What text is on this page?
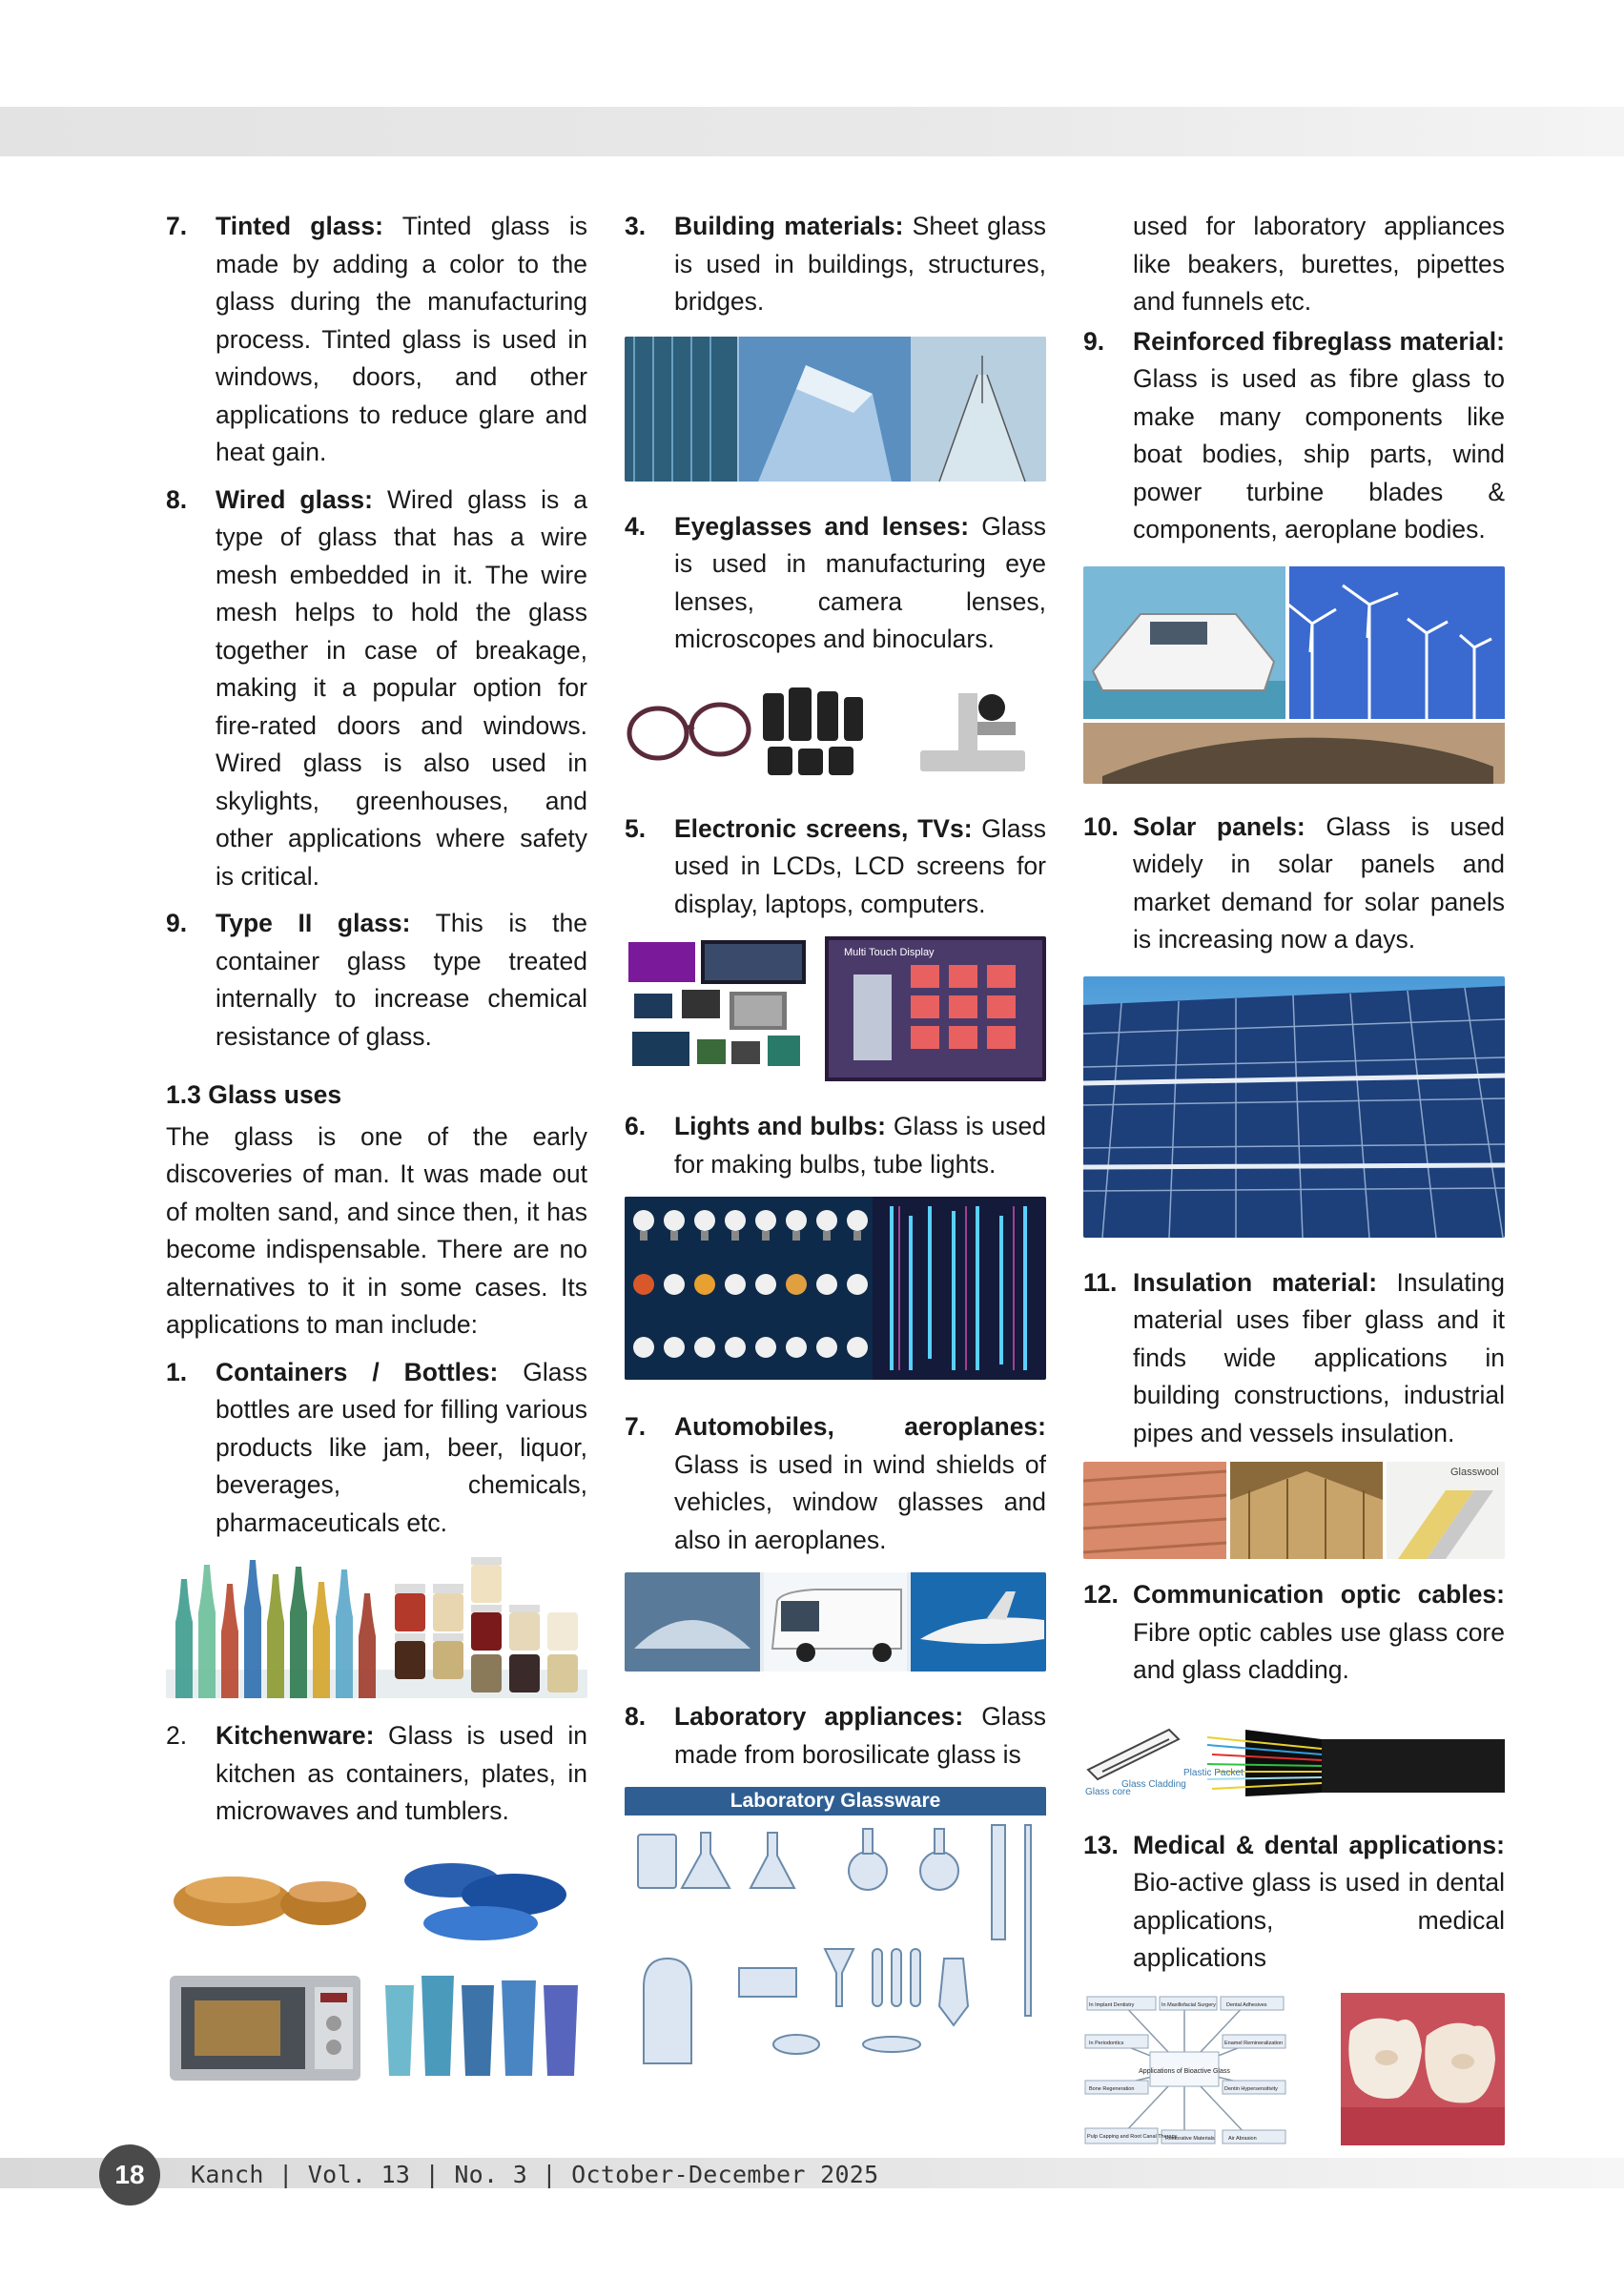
7.	Tinted glass: Tinted glass is made by adding a color to the glass during the manufacturing process. Tinted glass is used in windows, doors, and other applications to reduce glare and heat gain.
8.	Wired glass: Wired glass is a type of glass that has a wire mesh embedded in it. The wire mesh helps to hold the glass together in case of breakage, making it a popular option for fire-rated doors and windows. Wired glass is also used in skylights, greenhouses, and other applications where safety is critical.
9.	Type II glass: This is the container glass type treated internally to increase chemical resistance of glass.
1.3 Glass uses

The glass is one of the early discoveries of man. It was made out of molten sand, and since then, it has become indispensable. There are no alternatives to it in some cases. Its applications to man include:

1.	Containers / Bottles: Glass bottles are used for filling various products like jam, beer, liquor, beverages, chemicals, pharmaceuticals etc.
2.	Kitchenware: Glass is used in kitchen as containers, plates, in microwaves and tumblers.
3.	Building materials: Sheet glass is used in buildings, structures, bridges.
4.	Eyeglasses and lenses: Glass is used in manufacturing eye lenses, camera lenses, microscopes and binoculars.
5.	Electronic screens, TVs: Glass used in LCDs, LCD screens for display, laptops, computers.
Multi Touch Display
6.	Lights and bulbs: Glass is used for making bulbs, tube lights.
7.	Automobiles, aeroplanes: Glass is used in wind shields of vehicles, window glasses and also in aeroplanes.
8.	Laboratory appliances: Glass made from borosilicate glass is
Laboratory Glassware
used for laboratory appliances like beakers, burettes, pipettes and funnels etc.
9.	Reinforced fibreglass material: Glass is used as fibre glass to make many components like boat bodies, ship parts, wind power turbine blades & components, aeroplane bodies.
10. Solar panels: Glass is used widely in solar panels and market demand for solar panels is increasing now a days.
11. Insulation material: Insulating material uses fiber glass and it finds wide applications in building constructions, industrial pipes and vessels insulation.
Glasswool
12. Communication optic cables: Fibre optic cables use glass core and glass cladding.
Glass core
Glass Cladding
Plastic Packet
13. Medical & dental applications: Bio-active glass is used in dental applications, medical applications
Applications of Bioactive Glass
In Implant Dentistry	In Maxillofacial Surgery Dental Adhesives
In Periodontics	Enamel Remineralization
Bone Regeneration	Dentin Hypersensitivity
Pulp Capping and Root Canal Therapy
Restorative Materials	Air Abrasion
18	Kanch | Vol. 13 | No. 3 | October-December 2025
